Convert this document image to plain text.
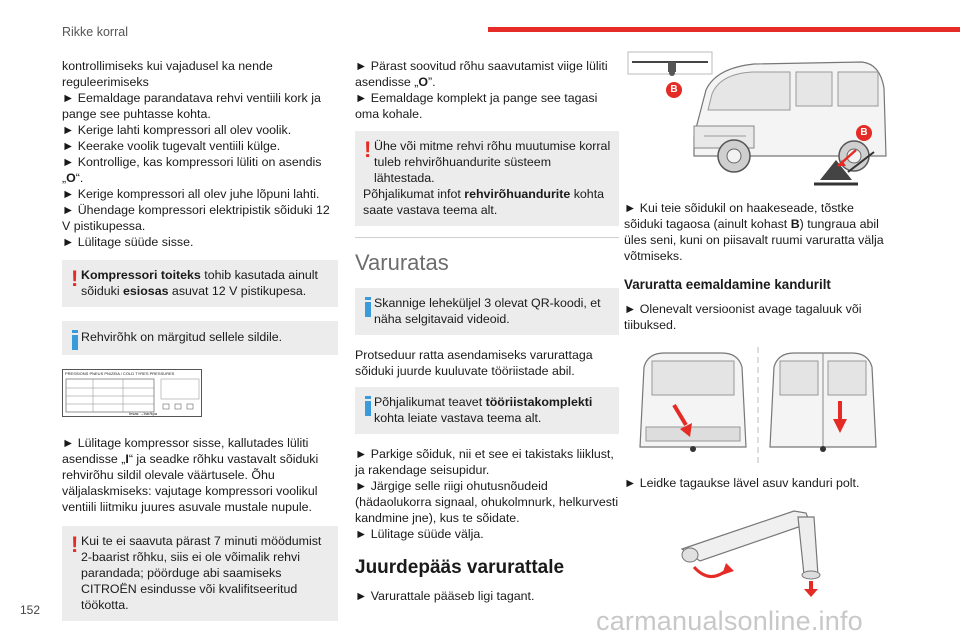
Rikke korral

kontrollimiseks kui vajadusel ka nende reguleerimiseks

► Eemaldage parandatava rehvi ventiili kork ja pange see puhtasse kohta.

► Kerige lahti kompressori all olev voolik.

► Keerake voolik tugevalt ventiili külge.

► Kontrollige, kas kompressori lüliti on asendis „O“.

► Kerige kompressori all olev juhe lõpuni lahti.

► Ühendage kompressori elektripistik sõiduki 12 V pistikupessa.

► Lülitage süüde sisse.

! Kompressori toiteks tohib kasutada ainult sõiduki esiosas asuvat 12 V pistikupesa.

Rehvirõhk on märgitud sellele sildile.

PRESSIONS PNEUS PN/ZEIA / COLD TYRES PRESSURES
Iesas →bar/kpa

► Lülitage kompressor sisse, kallutades lüliti asendisse „I“ ja seadke rõhku vastavalt sõiduki rehvirõhu sildil olevale väärtusele. Õhu väljalaskmiseks: vajutage kompressori voolikul ventiili liitmiku juures asuvale mustale nupule.

! Kui te ei saavuta pärast 7 minuti möödumist 2-baarist rõhku, siis ei ole võimalik rehvi parandada; pöörduge abi saamiseks CITROËN esindusse või kvalifitseeritud töökotta.

► Pärast soovitud rõhu saavutamist viige lüliti asendisse „O”.

► Eemaldage komplekt ja pange see tagasi oma kohale.

! Ühe või mitme rehvi rõhu muutumise korral tuleb rehvirõhuandurite süsteem lähtestada.

Põhjalikumat infot rehvirõhuandurite kohta saate vastava teema alt.

Varuratas

Skannige leheküljel 3 olevat QR-koodi, et näha selgitavaid videoid.

Protseduur ratta asendamiseks varurattaga sõiduki juurde kuuluvate tööriistade abil.

Põhjalikumat teavet tööriistakomplekti kohta leiate vastava teema alt.

► Parkige sõiduk, nii et see ei takistaks liiklust, ja rakendage seisupidur.

► Järgige selle riigi ohutusnõudeid (hädaolukorra signaal, ohukolmnurk, helkurvesti kandmine jne), kus te sõidate.

► Lülitage süüde välja.

Juurdepääs varurattale

► Varurattale pääseb ligi tagant.

B
B

► Kui teie sõidukil on haakeseade, tõstke sõiduki tagaosa (ainult kohast B) tungraua abil üles seni, kuni on piisavalt ruumi varuratta välja võtmiseks.

Varuratta eemaldamine kandurilt

► Olenevalt versioonist avage tagaluuk või tiibuksed.

► Leidke tagaukse lävel asuv kanduri polt.

152	carmanualsonline.info
